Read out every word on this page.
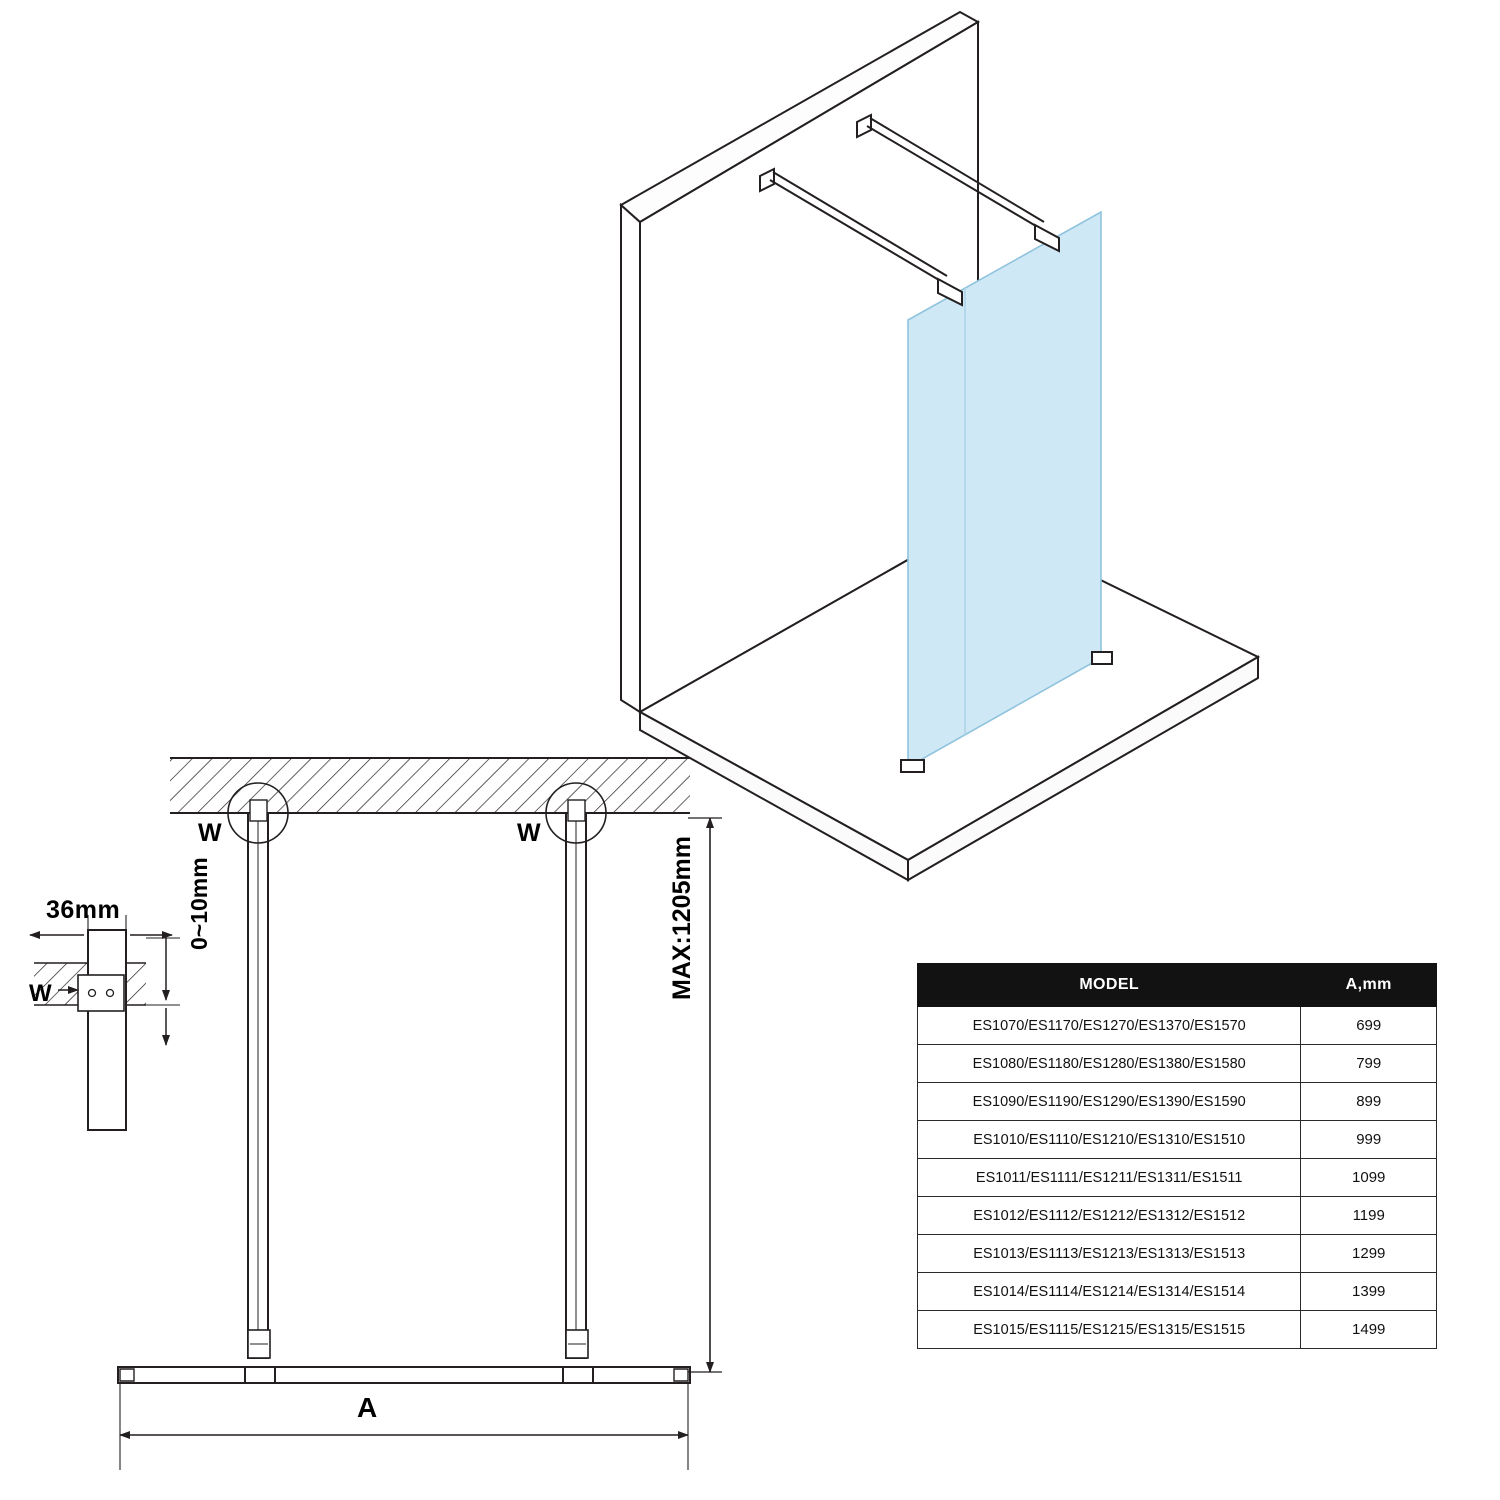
36mm	0~10mm
W
W	W
MAX:1205mm
A
MODEL	A,mm
ES1070/ES1170/ES1270/ES1370/ES1570	699
ES1080/ES1180/ES1280/ES1380/ES1580	799
ES1090/ES1190/ES1290/ES1390/ES1590	899
ES1010/ES1110/ES1210/ES1310/ES1510	999
ES1011/ES1111/ES1211/ES1311/ES1511	1099
ES1012/ES1112/ES1212/ES1312/ES1512	1199
ES1013/ES1113/ES1213/ES1313/ES1513	1299
ES1014/ES1114/ES1214/ES1314/ES1514	1399
ES1015/ES1115/ES1215/ES1315/ES1515	1499
